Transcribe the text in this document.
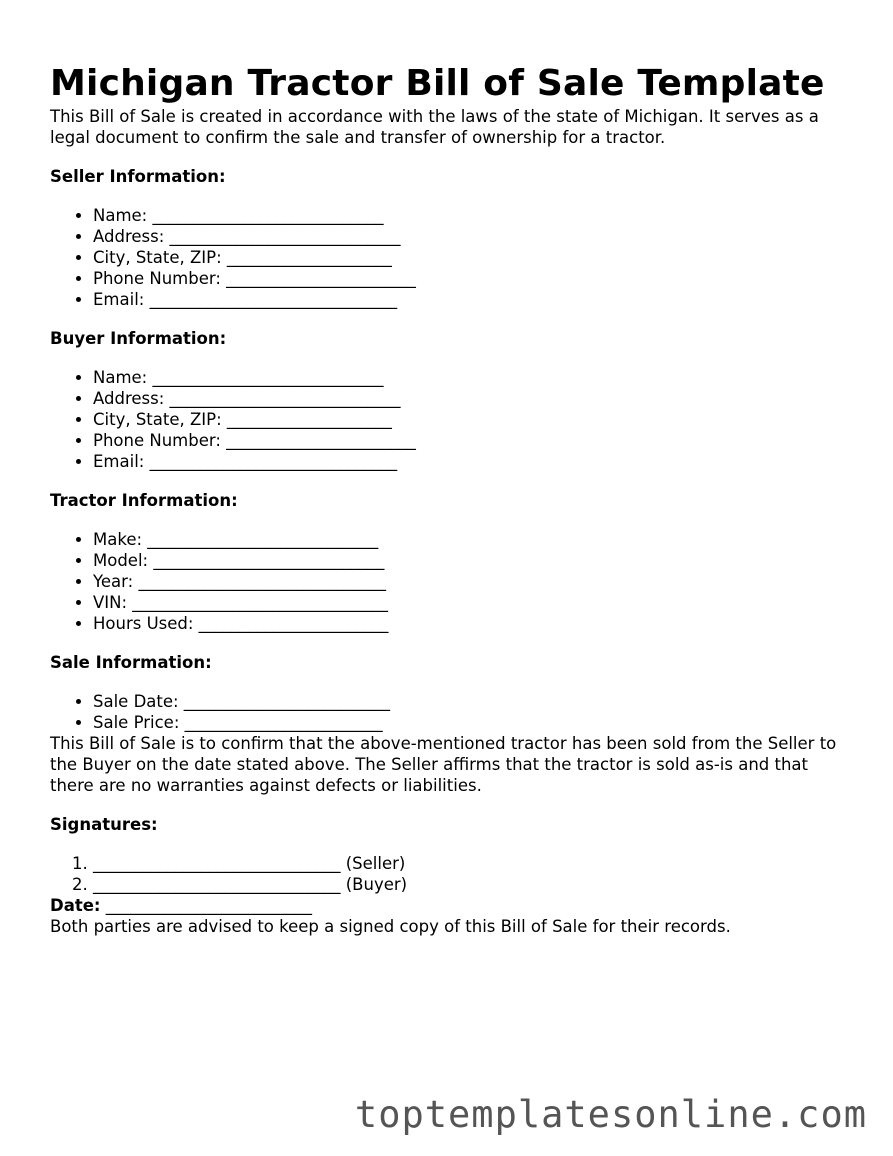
Michigan Tractor Bill of Sale Template

This Bill of Sale is created in accordance with the laws of the state of Michigan. It serves as a legal document to confirm the sale and transfer of ownership for a tractor.

Seller Information:

• Name: ____________________________
• Address: ____________________________
• City, State, ZIP: ____________________
• Phone Number: _______________________
• Email: ______________________________

Buyer Information:

• Name: ____________________________
• Address: ____________________________
• City, State, ZIP: ____________________
• Phone Number: _______________________
• Email: ______________________________

Tractor Information:

• Make: ____________________________
• Model: ____________________________
• Year: ______________________________
• VIN: _______________________________
• Hours Used: _______________________

Sale Information:

• Sale Date: _________________________
• Sale Price: ________________________

This Bill of Sale is to confirm that the above-mentioned tractor has been sold from the Seller to the Buyer on the date stated above. The Seller affirms that the tractor is sold as-is and that there are no warranties against defects or liabilities.

Signatures:

1. ______________________________ (Seller)
2. ______________________________ (Buyer)

Date: _________________________

Both parties are advised to keep a signed copy of this Bill of Sale for their records.

toptemplatesonline.com
